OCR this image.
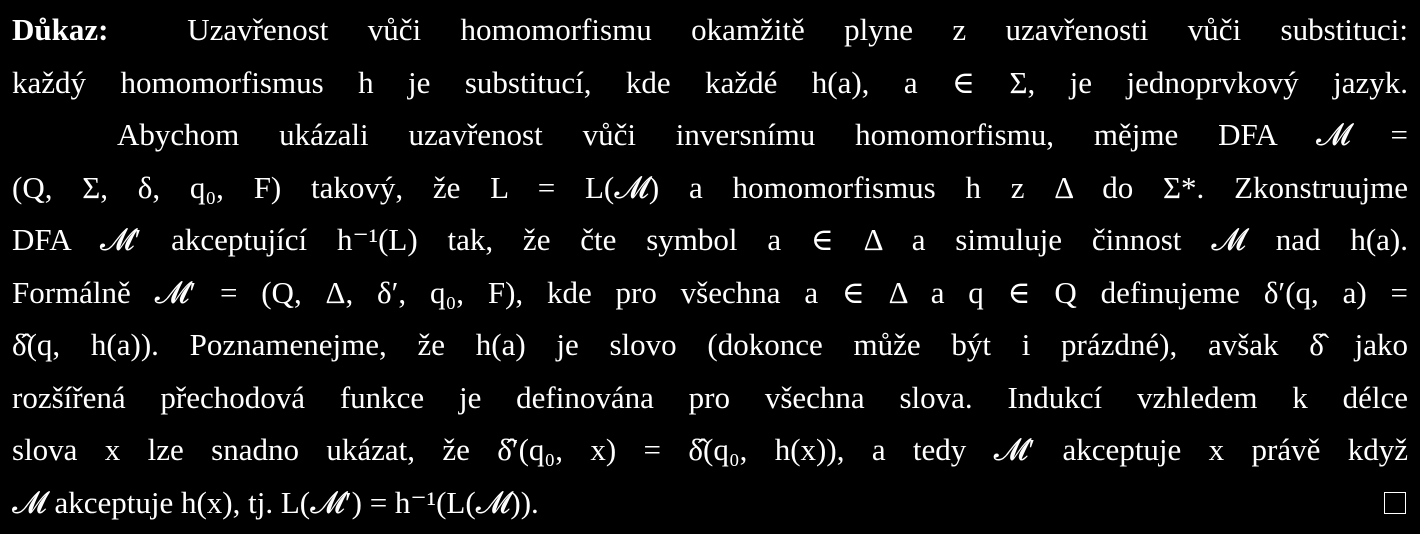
Důkaz:	Uzavřenost vůči homomorfismu okamžitě plyne z uzavřenosti vůči substituci:
každý homomorfismus h je substitucí, kde každé h(a), a ∈ Σ, je jednoprvkový jazyk.
Abychom ukázali uzavřenost vůči inversnímu homomorfismu, mějme DFA 𝓜 =
(Q, Σ, δ, q₀, F) takový, že L = L(𝓜) a homomorfismus h z Δ do Σ*. Zkonstruujme
DFA 𝓜′ akceptující h⁻¹(L) tak, že čte symbol a ∈ Δ a simuluje činnost 𝓜 nad h(a).
Formálně 𝓜′ = (Q, Δ, δ′, q₀, F), kde pro všechna a ∈ Δ a q ∈ Q definujeme δ′(q, a) =
δ̂(q, h(a)). Poznamenejme, že h(a) je slovo (dokonce může být i prázdné), avšak δ̂ jako
rozšířená přechodová funkce je definována pro všechna slova. Indukcí vzhledem k délce
slova x lze snadno ukázat, že δ̂′(q₀, x) = δ̂(q₀, h(x)), a tedy 𝓜′ akceptuje x právě když
𝓜 akceptuje h(x), tj. L(𝓜′) = h⁻¹(L(𝓜)).
